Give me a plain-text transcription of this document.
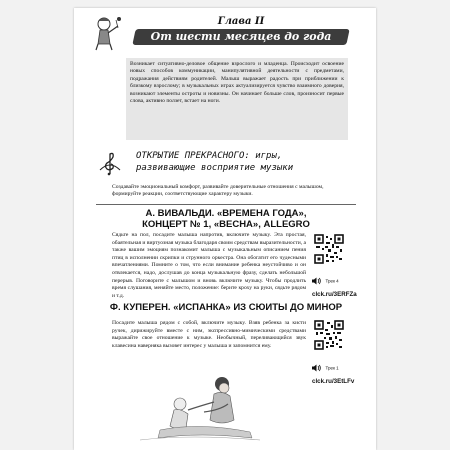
Глава II
От шести месяцев до года

Возникает ситуативно-деловое общение взрослого и младенца. Происходит освоение новых способов коммуникации, манипулятивной деятельности с предметами, подражания действиям родителей. Малыш выражает радость при приближении к близкому взрослому; в музыкальных играх актуализируется чувство взаимного доверия, возникают элементы остроты и новизны. Он начинает больше слов, произносит первые слова, активно ползет, встает на ноги.

ОТКРЫТИЕ ПРЕКРАСНОГО: игры,
развивающие восприятие музыки

Создавайте эмоциональный комфорт, развивайте доверительные отношения с малышом, формируйте реакции, соответствующие характеру музыки.

А. ВИВАЛЬДИ. «ВРЕМЕНА ГОДА»,
КОНЦЕРТ № 1, «ВЕСНА», ALLEGRO

Сядьте на пол, посадите малыша напротив, включите музыку. Эта простая, обаятельная и виртуозная музыка благодаря своим средствам выразительности, а также вашим эмоциям познакомит малыша с музыкальным описанием пения птиц в исполнении скрипки и струнного оркестра. Она обогатит его чудесными впечатлениями. Помните о том, что если внимание ребенка неустойчиво и он отвлекается, надо, дослушав до конца музыкальную фразу, сделать небольшой перерыв. Поговорите с малышом и вновь включите музыку. Чтобы продлить время слушания, меняйте место, положение: берите кроху на руки, сядьте рядом и т.д.

Трек 4
clck.ru/3ERFZa
Ф. КУПЕРЕН. «ИСПАНКА» ИЗ СЮИТЫ ДО МИНОР

Посадите малыша рядом с собой, включите музыку. Взяв ребенка за кисти ручек, дирижируйте вместе с ним, экспрессивно-мимическими средствами выражайте свое отношение к музыке. Необычный, переливающийся звук клавесина наверняка вызовет интерес у малыша и запомнится ему.

Трек 1
clck.ru/3EtLFv
